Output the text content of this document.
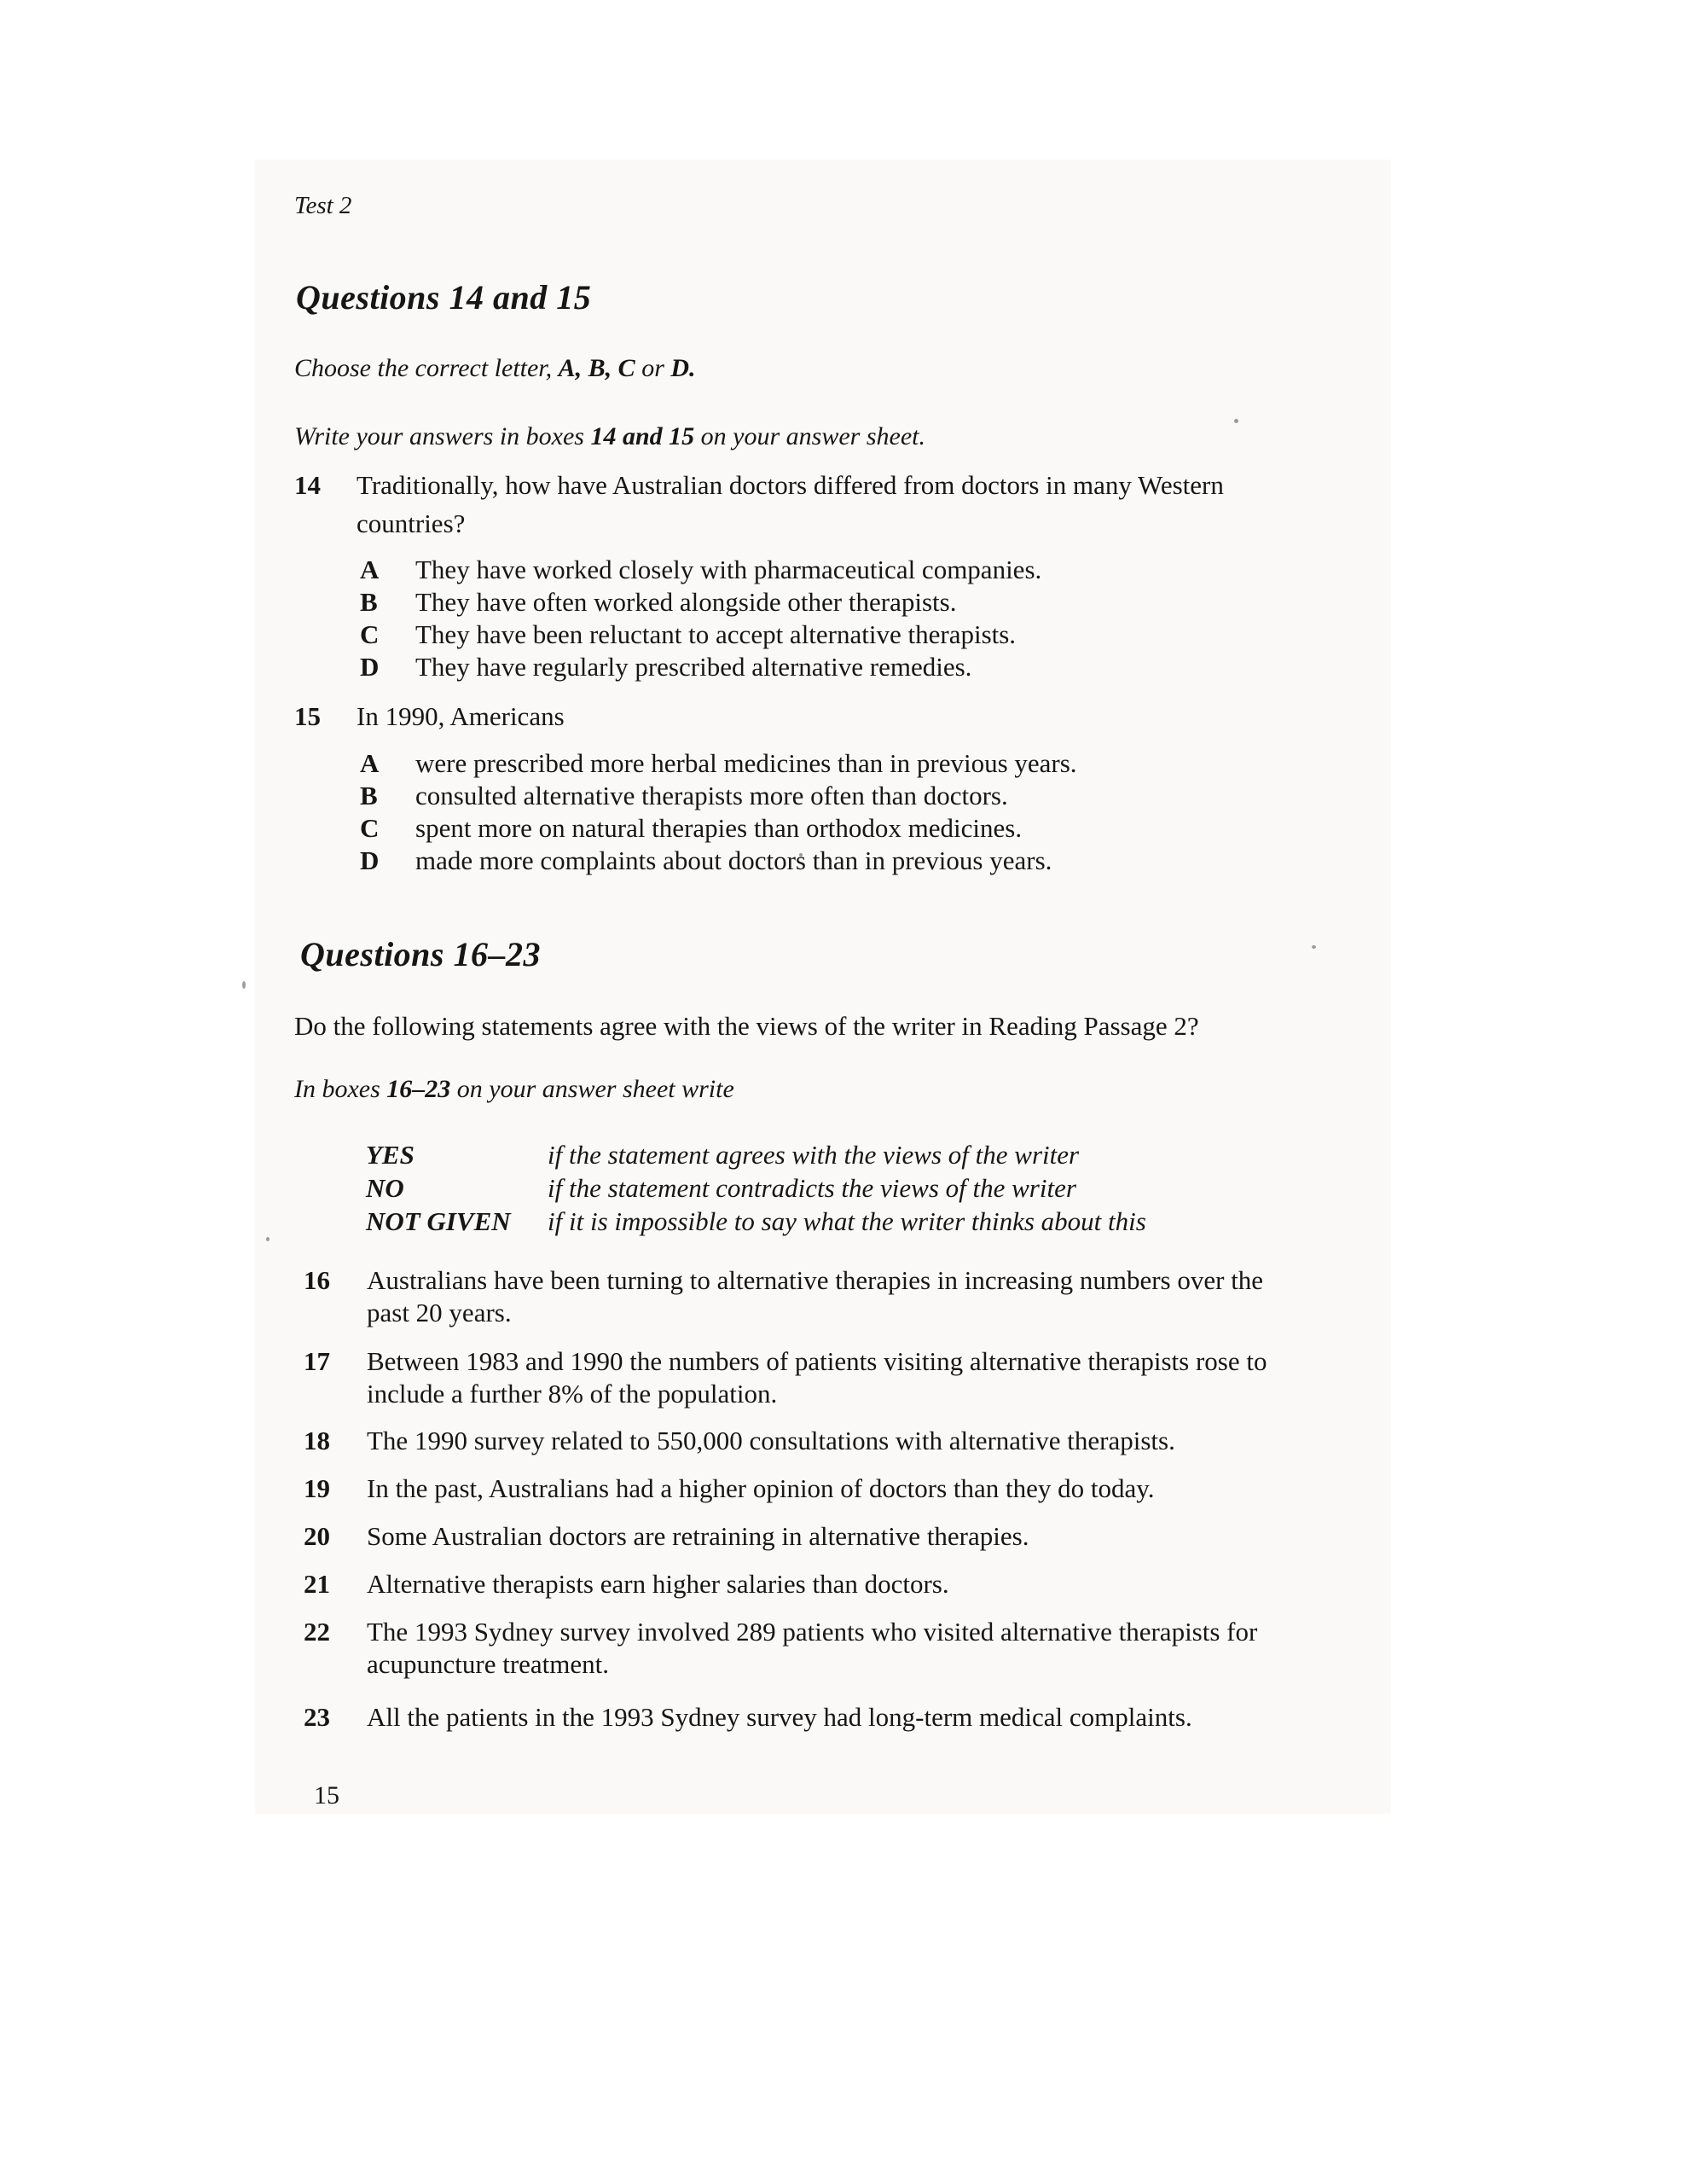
Test 2
Questions 14 and 15
Choose the correct letter, A, B, C or D.
Write your answers in boxes 14 and 15 on your answer sheet.
14 Traditionally, how have Australian doctors differed from doctors in many Western
countries?
A They have worked closely with pharmaceutical companies.
B They have often worked alongside other therapists.
C They have been reluctant to accept alternative therapists.
D They have regularly prescribed alternative remedies.
15 In 1990, Americans
A were prescribed more herbal medicines than in previous years.
B consulted alternative therapists more often than doctors.
C spent more on natural therapies than orthodox medicines.
D made more complaints about doctors than in previous years.
Questions 16–23
Do the following statements agree with the views of the writer in Reading Passage 2?
In boxes 16–23 on your answer sheet write
YES	if the statement agrees with the views of the writer
NO	if the statement contradicts the views of the writer
NOT GIVEN if it is impossible to say what the writer thinks about this
16 Australians have been turning to alternative therapies in increasing numbers over the
past 20 years.
17 Between 1983 and 1990 the numbers of patients visiting alternative therapists rose to
include a further 8% of the population.
18 The 1990 survey related to 550,000 consultations with alternative therapists.
19 In the past, Australians had a higher opinion of doctors than they do today.
20 Some Australian doctors are retraining in alternative therapies.
21 Alternative therapists earn higher salaries than doctors.
22 The 1993 Sydney survey involved 289 patients who visited alternative therapists for
acupuncture treatment.
23 All the patients in the 1993 Sydney survey had long-term medical complaints.
15
